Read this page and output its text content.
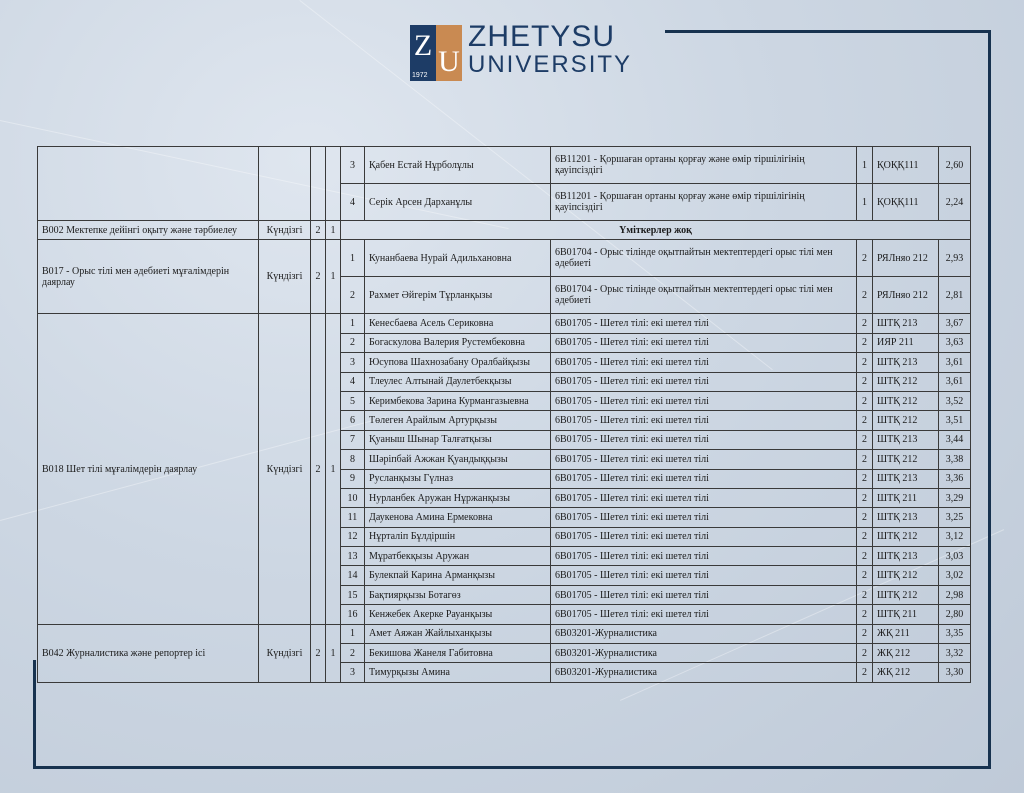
Z U
1972
ZHETYSU
UNIVERSITY
				3	Қабен Естай Нұрболұлы	6В11201 - Қоршаған ортаны қорғау және өмір тіршілігінің қауіпсіздігі	1	ҚОҚҚ111	2,60
				4	Серік Арсен Дарханұлы	6В11201 - Қоршаған ортаны қорғау және өмір тіршілігінің қауіпсіздігі	1	ҚОҚҚ111	2,24
В002 Мектепке дейінгі оқыту және тәрбиелеу	Күндізгі	2	1	Үміткерлер жоқ					
В017 - Орыс тілі мен әдебиеті мұғалімдерін даярлау	Күндізгі	2	1	1	Кунанбаева Нурай Адильхановна	6В01704 - Орыс тілінде оқытпайтын мектептердегі орыс тілі мен әдебиеті	2	РЯЛняо 212	2,93
				2	Рахмет Әйгерім Тұрланқызы	6В01704 - Орыс тілінде оқытпайтын мектептердегі орыс тілі мен әдебиеті	2	РЯЛняо 212	2,81
В018 Шет тілі мұғалімдерін даярлау	Күндізгі	2	1	1	Кенесбаева Асель Сериковна	6В01705 - Шетел тілі: екі шетел тілі	2	ШТҚ 213	3,67
				2	Богаскулова Валерия Рустембековна	6В01705 - Шетел тілі: екі шетел тілі	2	ИЯР 211	3,63
				3	Юсупова Шахнозабану Оралбайқызы	6В01705 - Шетел тілі: екі шетел тілі	2	ШТҚ 213	3,61
				4	Тлеулес Алтынай Даулетбекқызы	6В01705 - Шетел тілі: екі шетел тілі	2	ШТҚ 212	3,61
				5	Керимбекова Зарина Курмангазыевна	6В01705 - Шетел тілі: екі шетел тілі	2	ШТҚ 212	3,52
				6	Төлеген Арайлым Артурқызы	6В01705 - Шетел тілі: екі шетел тілі	2	ШТҚ 212	3,51
				7	Қуаныш Шынар Талғатқызы	6В01705 - Шетел тілі: екі шетел тілі	2	ШТҚ 213	3,44
				8	Шәріпбай Ажжан Қуандыққызы	6В01705 - Шетел тілі: екі шетел тілі	2	ШТҚ 212	3,38
				9	Русланқызы Гүлназ	6В01705 - Шетел тілі: екі шетел тілі	2	ШТҚ 213	3,36
				10	Нурланбек Аружан Нұржанқызы	6В01705 - Шетел тілі: екі шетел тілі	2	ШТҚ 211	3,29
				11	Даукенова Амина Ермековна	6В01705 - Шетел тілі: екі шетел тілі	2	ШТҚ 213	3,25
				12	Нұрталіп Бұлдіршін	6В01705 - Шетел тілі: екі шетел тілі	2	ШТҚ 212	3,12
				13	Мұратбекқызы Аружан	6В01705 - Шетел тілі: екі шетел тілі	2	ШТҚ 213	3,03
				14	Булекпай Карина Арманқызы	6В01705 - Шетел тілі: екі шетел тілі	2	ШТҚ 212	3,02
				15	Бақтиярқызы Ботагөз	6В01705 - Шетел тілі: екі шетел тілі	2	ШТҚ 212	2,98
				16	Кенжебек Акерке Рауанқызы	6В01705 - Шетел тілі: екі шетел тілі	2	ШТҚ 211	2,80
В042 Журналистика және репортер ісі	Күндізгі	2	1	1	Амет Аяжан Жайлыханқызы	6В03201-Журналистика	2	ЖҚ 211	3,35
				2	Бекишова Жанеля Габитовна	6В03201-Журналистика	2	ЖҚ 212	3,32
				3	Тимурқызы Амина	6В03201-Журналистика	2	ЖҚ 212	3,30
